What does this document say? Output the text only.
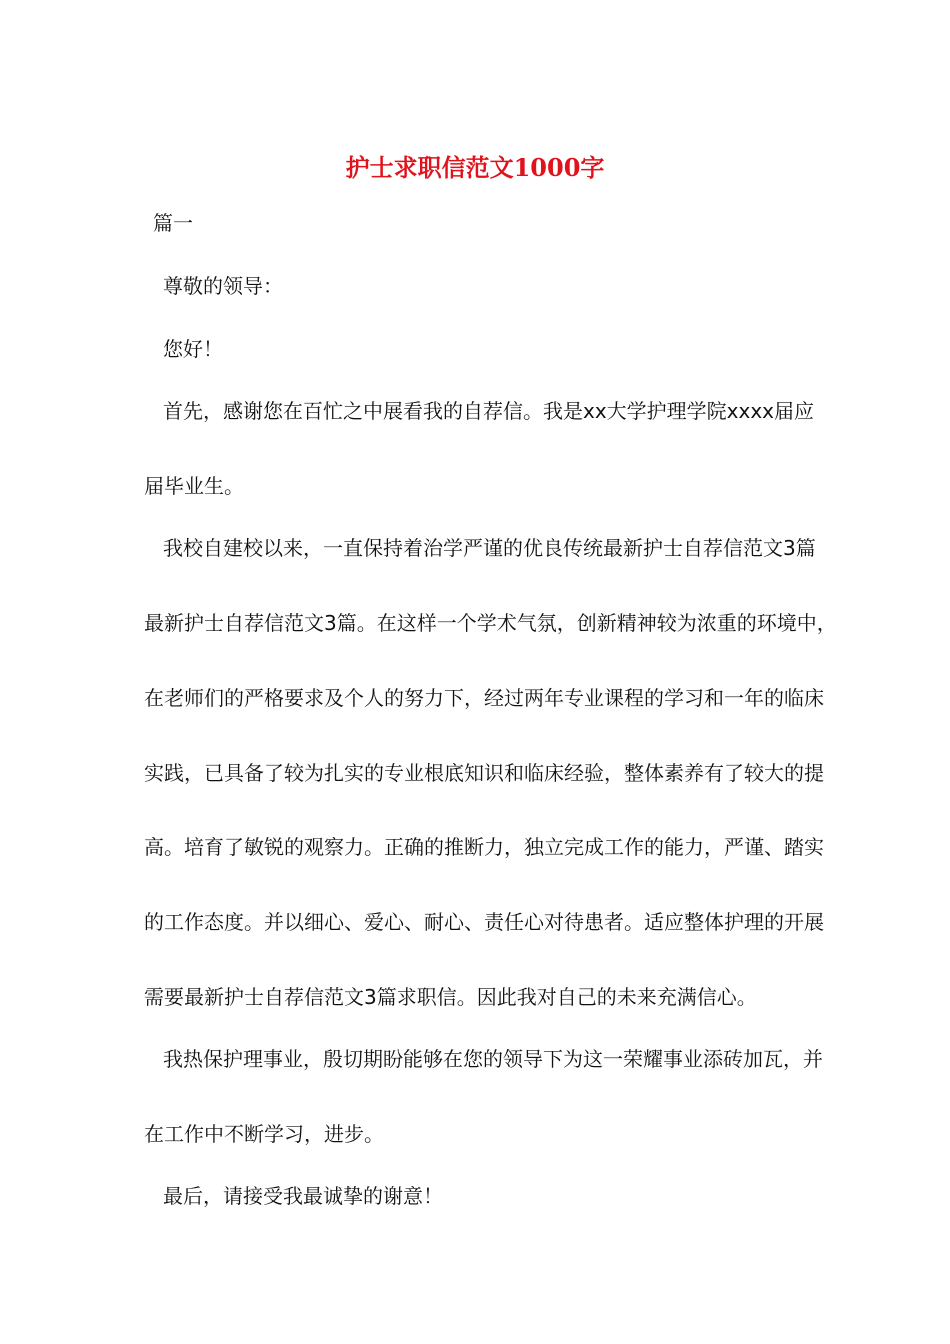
护士求职信范文1000字

篇一

尊敬的领导：

您好！

首先，感谢您在百忙之中展看我的自荐信。我是xx大学护理学院xxxx届应

届毕业生。

我校自建校以来，一直保持着治学严谨的优良传统最新护士自荐信范文3篇

最新护士自荐信范文3篇。在这样一个学术气氛，创新精神较为浓重的环境中，

在老师们的严格要求及个人的努力下，经过两年专业课程的学习和一年的临床

实践，已具备了较为扎实的专业根底知识和临床经验，整体素养有了较大的提

高。培育了敏锐的观察力。正确的推断力，独立完成工作的能力，严谨、踏实

的工作态度。并以细心、爱心、耐心、责任心对待患者。适应整体护理的开展

需要最新护士自荐信范文3篇求职信。因此我对自己的未来充满信心。

我热保护理事业，殷切期盼能够在您的领导下为这一荣耀事业添砖加瓦，并

在工作中不断学习，进步。

最后，请接受我最诚挚的谢意！
